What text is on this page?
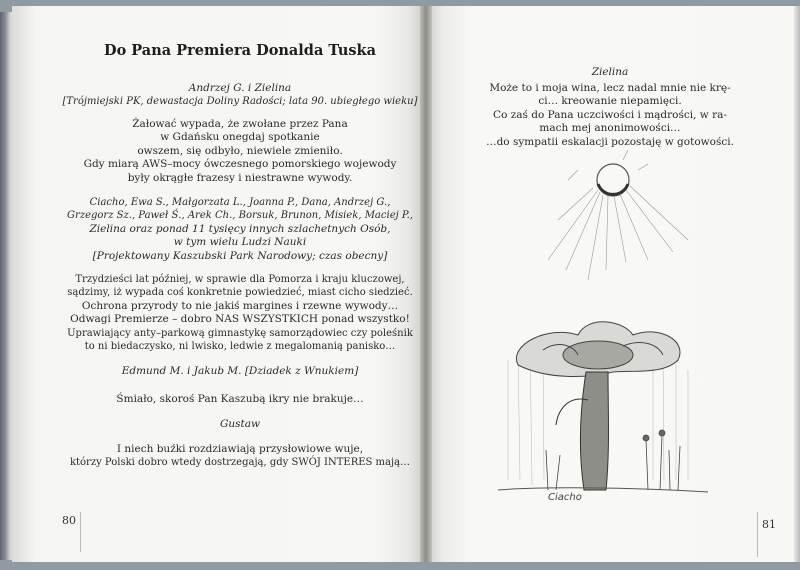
Do Pana Premiera Donalda Tuska
Andrzej G. i Zielina
[Trójmiejski PK, dewastacja Doliny Radości; lata 90. ubiegłego wieku]
Żałować wypada, że zwołane przez Pana
w Gdańsku onegdaj spotkanie
owszem, się odbyło, niewiele zmieniło.
Gdy miarą AWS–mocy ówczesnego pomorskiego wojewody
były okrągłe frazesy i niestrawne wywody.
Ciacho, Ewa S., Małgorzata L., Joanna P., Dana, Andrzej G.,
Grzegorz Sz., Paweł Ś., Arek Ch., Borsuk, Brunon, Misiek, Maciej P.,
Zielina oraz ponad 11 tysięcy innych szlachetnych Osób,
w tym wielu Ludzi Nauki
[Projektowany Kaszubski Park Narodowy; czas obecny]
Trzydzieści lat później, w sprawie dla Pomorza i kraju kluczowej,
sądzimy, iż wypada coś konkretnie powiedzieć, miast cicho siedzieć.
Ochrona przyrody to nie jakiś margines i rzewne wywody…
Odwagi Premierze – dobro NAS WSZYSTKICH ponad wszystko!
Uprawiający anty–parkową gimnastykę samorządowiec czy poleśnik
to ni biedaczysko, ni lwisko, ledwie z megalomanią panisko…
Edmund M. i Jakub M. [Dziadek z Wnukiem]
Śmiało, skoroś Pan Kaszubą ikry nie brakuje…
Gustaw
I niech buźki rozdziawiają przysłowiowe wuje,
którzy Polski dobro wtedy dostrzegają, gdy SWÓJ INTERES mają…
80
Zielina
Może to i moja wina, lecz nadal mnie nie krę-
ci… kreowanie niepamięci.
Co zaś do Pana uczciwości i mądrości, w ra-
mach mej anonimowości…
…do sympatii eskalacji pozostaję w gotowości.
Ciacho
81
